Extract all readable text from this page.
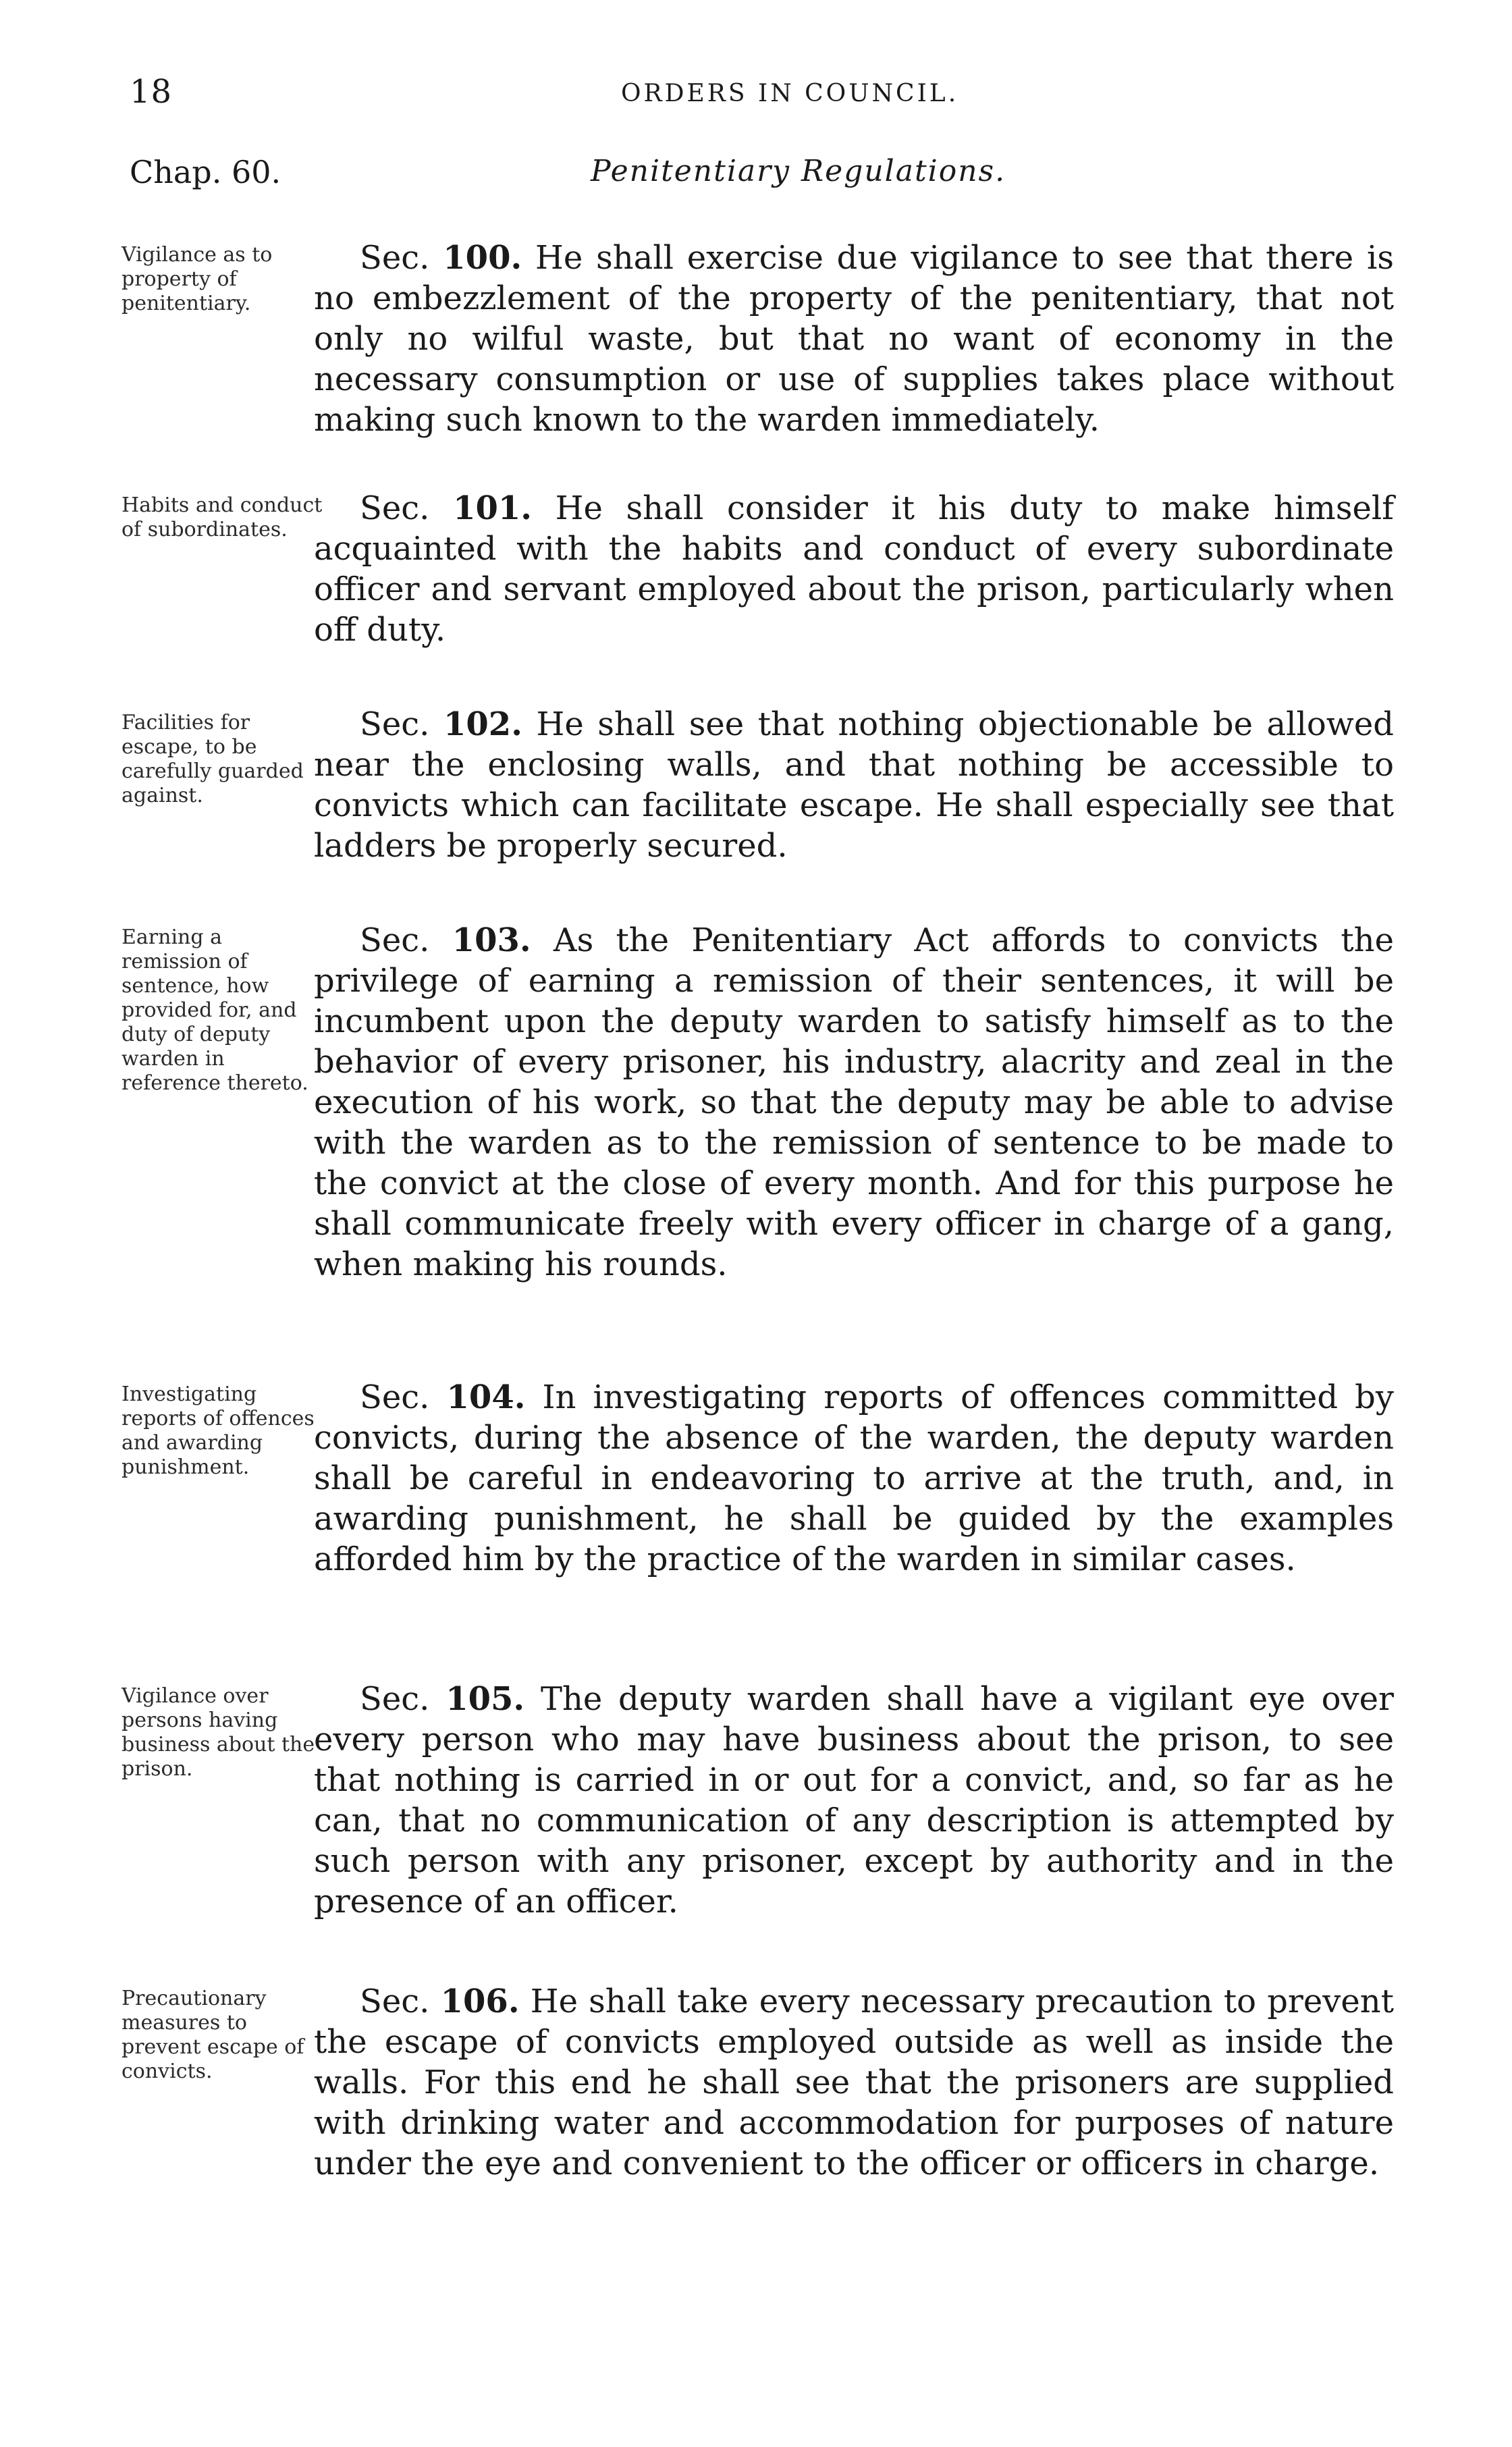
18	ORDERS IN COUNCIL.
Chap. 60.	Penitentiary Regulations.
Vigilance as to property of penitentiary.
Sec. 100. He shall exercise due vigilance to see that there is no embezzlement of the property of the penitentiary, that not only no wilful waste, but that no want of economy in the necessary consumption or use of supplies takes place without making such known to the warden immediately.
Habits and conduct of subordinates.
Sec. 101. He shall consider it his duty to make himself acquainted with the habits and conduct of every subordinate officer and servant employed about the prison, particularly when off duty.
Facilities for escape, to be carefully guarded against.
Sec. 102. He shall see that nothing objectionable be allowed near the enclosing walls, and that nothing be accessible to convicts which can facilitate escape. He shall especially see that ladders be properly secured.
Earning a remission of sentence, how provided for, and duty of deputy warden in reference thereto.
Sec. 103. As the Penitentiary Act affords to convicts the privilege of earning a remission of their sentences, it will be incumbent upon the deputy warden to satisfy himself as to the behavior of every prisoner, his industry, alacrity and zeal in the execution of his work, so that the deputy may be able to advise with the warden as to the remission of sentence to be made to the convict at the close of every month. And for this purpose he shall communicate freely with every officer in charge of a gang, when making his rounds.
Investigating reports of offences and awarding punishment.
Sec. 104. In investigating reports of offences committed by convicts, during the absence of the warden, the deputy warden shall be careful in endeavoring to arrive at the truth, and, in awarding punishment, he shall be guided by the examples afforded him by the practice of the warden in similar cases.
Vigilance over persons having business about the prison.
Sec. 105. The deputy warden shall have a vigilant eye over every person who may have business about the prison, to see that nothing is carried in or out for a convict, and, so far as he can, that no communication of any description is attempted by such person with any prisoner, except by authority and in the presence of an officer.
Precautionary measures to prevent escape of convicts.
Sec. 106. He shall take every necessary precaution to prevent the escape of convicts employed outside as well as inside the walls. For this end he shall see that the prisoners are supplied with drinking water and accommodation for purposes of nature under the eye and convenient to the officer or officers in charge.
